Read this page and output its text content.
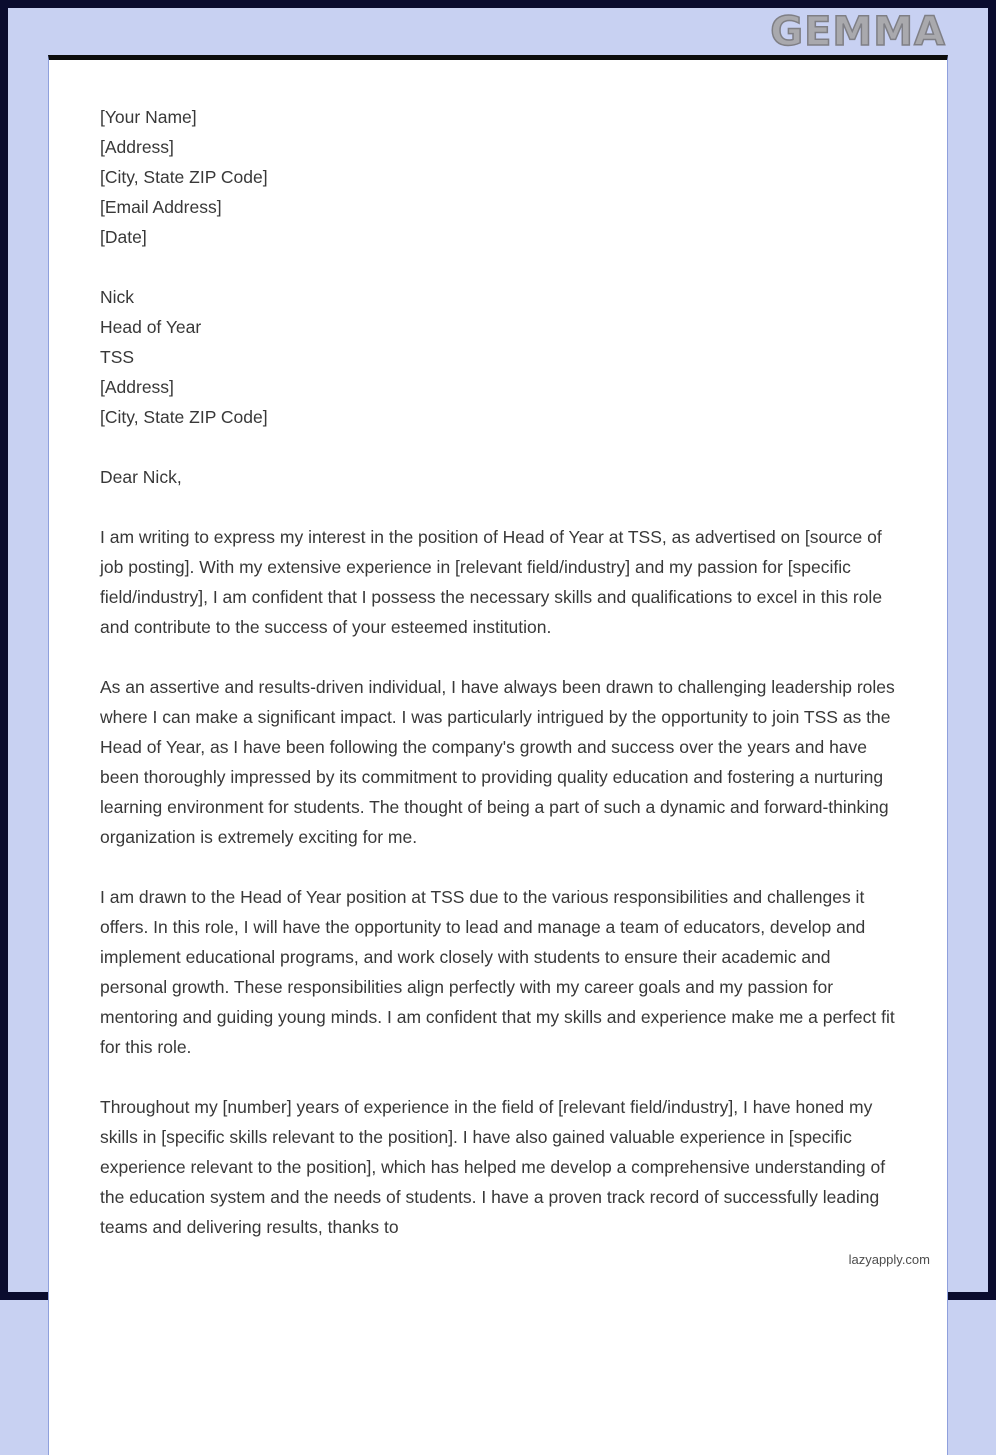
GEMMA
[Your Name]
[Address]
[City, State ZIP Code]
[Email Address]
[Date]
Nick
Head of Year
TSS
[Address]
[City, State ZIP Code]
Dear Nick,

I am writing to express my interest in the position of Head of Year at TSS, as advertised on [source of job posting]. With my extensive experience in [relevant field/industry] and my passion for [specific field/industry], I am confident that I possess the necessary skills and qualifications to excel in this role and contribute to the success of your esteemed institution.

As an assertive and results-driven individual, I have always been drawn to challenging leadership roles where I can make a significant impact. I was particularly intrigued by the opportunity to join TSS as the Head of Year, as I have been following the company's growth and success over the years and have been thoroughly impressed by its commitment to providing quality education and fostering a nurturing learning environment for students. The thought of being a part of such a dynamic and forward-thinking organization is extremely exciting for me.

I am drawn to the Head of Year position at TSS due to the various responsibilities and challenges it offers. In this role, I will have the opportunity to lead and manage a team of educators, develop and implement educational programs, and work closely with students to ensure their academic and personal growth. These responsibilities align perfectly with my career goals and my passion for mentoring and guiding young minds. I am confident that my skills and experience make me a perfect fit for this role.

Throughout my [number] years of experience in the field of [relevant field/industry], I have honed my skills in [specific skills relevant to the position]. I have also gained valuable experience in [specific experience relevant to the position], which has helped me develop a comprehensive understanding of the education system and the needs of students. I have a proven track record of successfully leading teams and delivering results, thanks to

lazyapply.com
